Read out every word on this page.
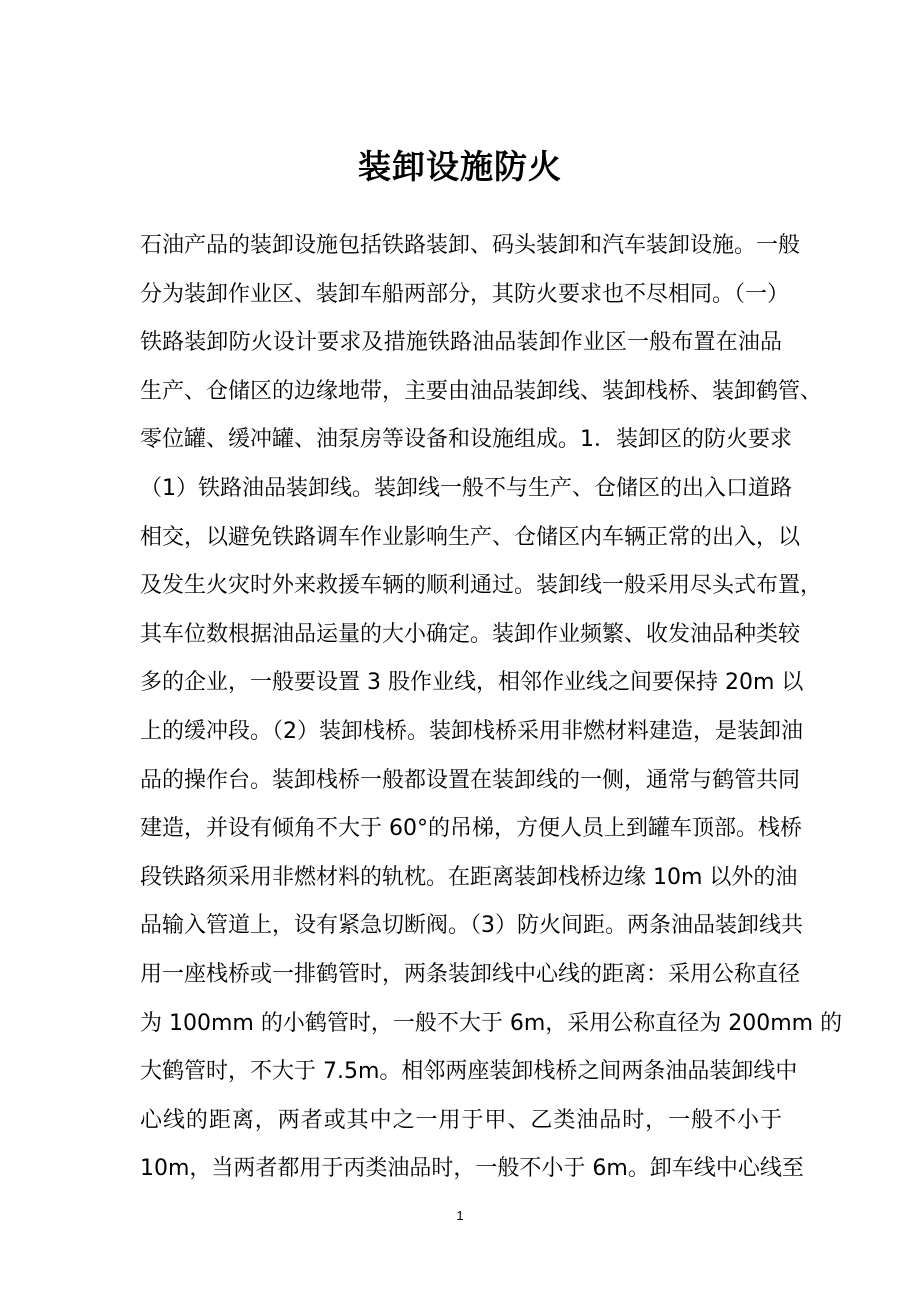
装卸设施防火
石油产品的装卸设施包括铁路装卸、码头装卸和汽车装卸设施。一般
分为装卸作业区、装卸车船两部分，其防火要求也不尽相同。（一）
铁路装卸防火设计要求及措施铁路油品装卸作业区一般布置在油品
生产、仓储区的边缘地带，主要由油品装卸线、装卸栈桥、装卸鹤管、
零位罐、缓冲罐、油泵房等设备和设施组成。1．装卸区的防火要求
（1）铁路油品装卸线。装卸线一般不与生产、仓储区的出入口道路
相交，以避免铁路调车作业影响生产、仓储区内车辆正常的出入，以
及发生火灾时外来救援车辆的顺利通过。装卸线一般采用尽头式布置，
其车位数根据油品运量的大小确定。装卸作业频繁、收发油品种类较
多的企业，一般要设置 3 股作业线，相邻作业线之间要保持 20m 以
上的缓冲段。（2）装卸栈桥。装卸栈桥采用非燃材料建造，是装卸油
品的操作台。装卸栈桥一般都设置在装卸线的一侧，通常与鹤管共同
建造，并设有倾角不大于 60°的吊梯，方便人员上到罐车顶部。栈桥
段铁路须采用非燃材料的轨枕。在距离装卸栈桥边缘 10m 以外的油
品输入管道上，设有紧急切断阀。（3）防火间距。两条油品装卸线共
用一座栈桥或一排鹤管时，两条装卸线中心线的距离：采用公称直径
为 100mm 的小鹤管时，一般不大于 6m，采用公称直径为 200mm 的
大鹤管时，不大于 7.5m。相邻两座装卸栈桥之间两条油品装卸线中
心线的距离，两者或其中之一用于甲、乙类油品时，一般不小于
10m，当两者都用于丙类油品时，一般不小于 6m。卸车线中心线至
1
